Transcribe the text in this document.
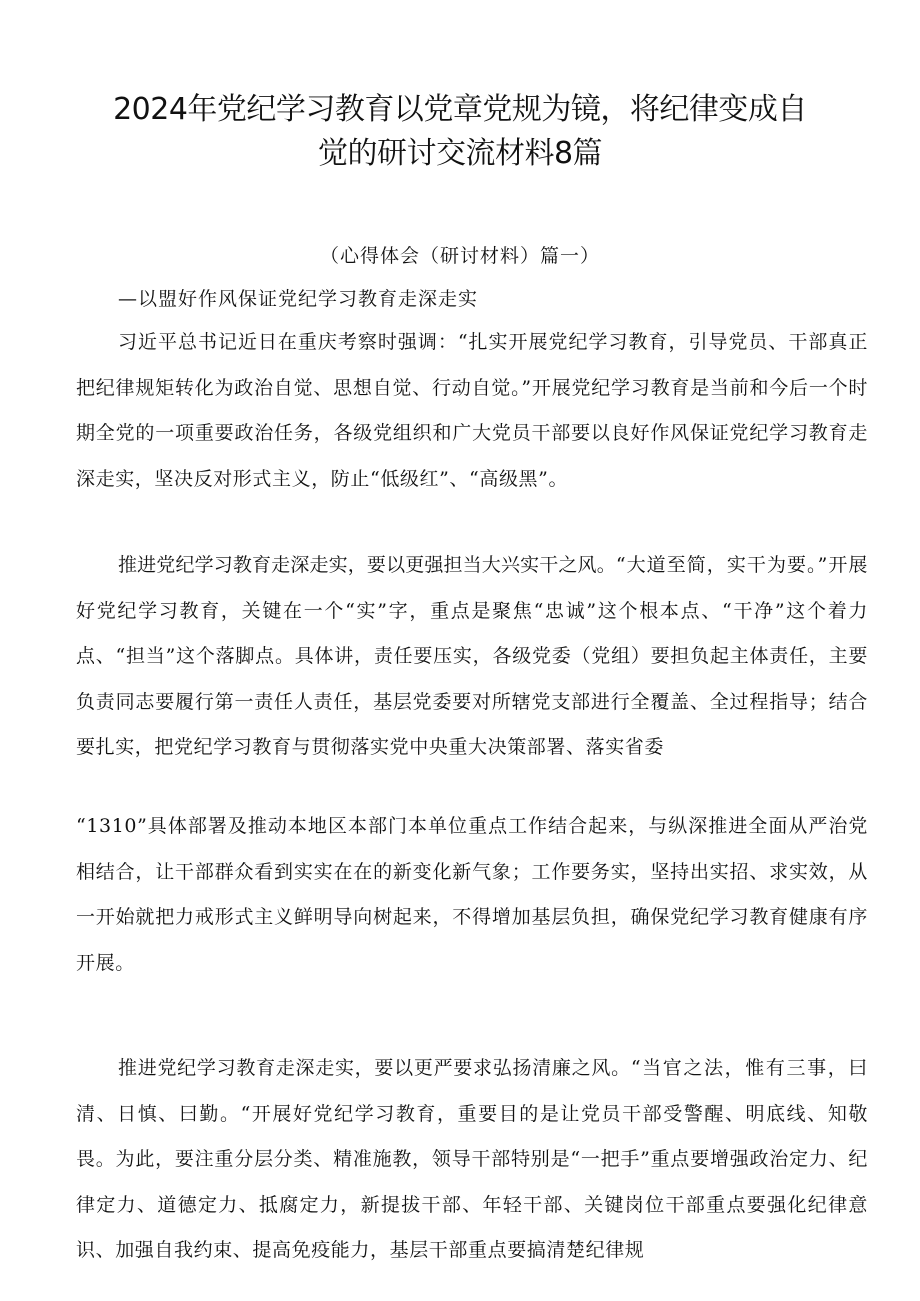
2024年党纪学习教育以党章党规为镜，将纪律变成自
觉的研讨交流材料8篇
（心得体会（研讨材料）篇一）
—以盟好作风保证党纪学习教育走深走实

习近平总书记近日在重庆考察时强调：“扎实开展党纪学习教育，引导党员、干部真正把纪律规矩转化为政治自觉、思想自觉、行动自觉。”开展党纪学习教育是当前和今后一个时期全党的一项重要政治任务，各级党组织和广大党员干部要以良好作风保证党纪学习教育走深走实，坚决反对形式主义，防止“低级红”、“高级黑”。

推进党纪学习教育走深走实，要以更强担当大兴实干之风。“大道至简，实干为要。”开展好党纪学习教育，关键在一个“实”字，重点是聚焦“忠诚”这个根本点、“干净”这个着力点、“担当”这个落脚点。具体讲，责任要压实，各级党委（党组）要担负起主体责任，主要负责同志要履行第一责任人责任，基层党委要对所辖党支部进行全覆盖、全过程指导；结合要扎实，把党纪学习教育与贯彻落实党中央重大决策部署、落实省委

“1310”具体部署及推动本地区本部门本单位重点工作结合起来，与纵深推进全面从严治党相结合，让干部群众看到实实在在的新变化新气象；工作要务实，坚持出实招、求实效，从一开始就把力戒形式主义鲜明导向树起来，不得增加基层负担，确保党纪学习教育健康有序开展。

推进党纪学习教育走深走实，要以更严要求弘扬清廉之风。“当官之法，惟有三事，曰清、日慎、曰勤。“开展好党纪学习教育，重要目的是让党员干部受警醒、明底线、知敬畏。为此，要注重分层分类、精准施教，领导干部特别是“一把手”重点要增强政治定力、纪律定力、道德定力、抵腐定力，新提拔干部、年轻干部、关键岗位干部重点要强化纪律意识、加强自我约束、提高免疫能力，基层干部重点要搞清楚纪律规
